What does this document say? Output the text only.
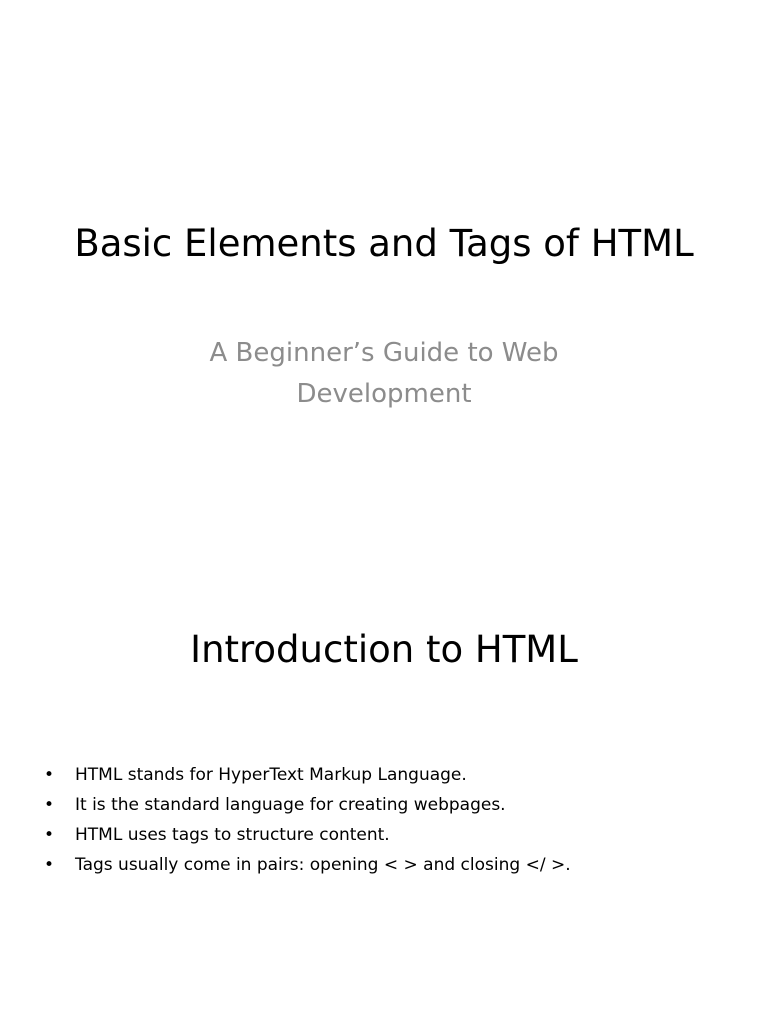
Basic Elements and Tags of HTML
A Beginner’s Guide to Web Development
Introduction to HTML
• HTML stands for HyperText Markup Language.
• It is the standard language for creating webpages.
• HTML uses tags to structure content.
• Tags usually come in pairs: opening < > and closing </ >.
